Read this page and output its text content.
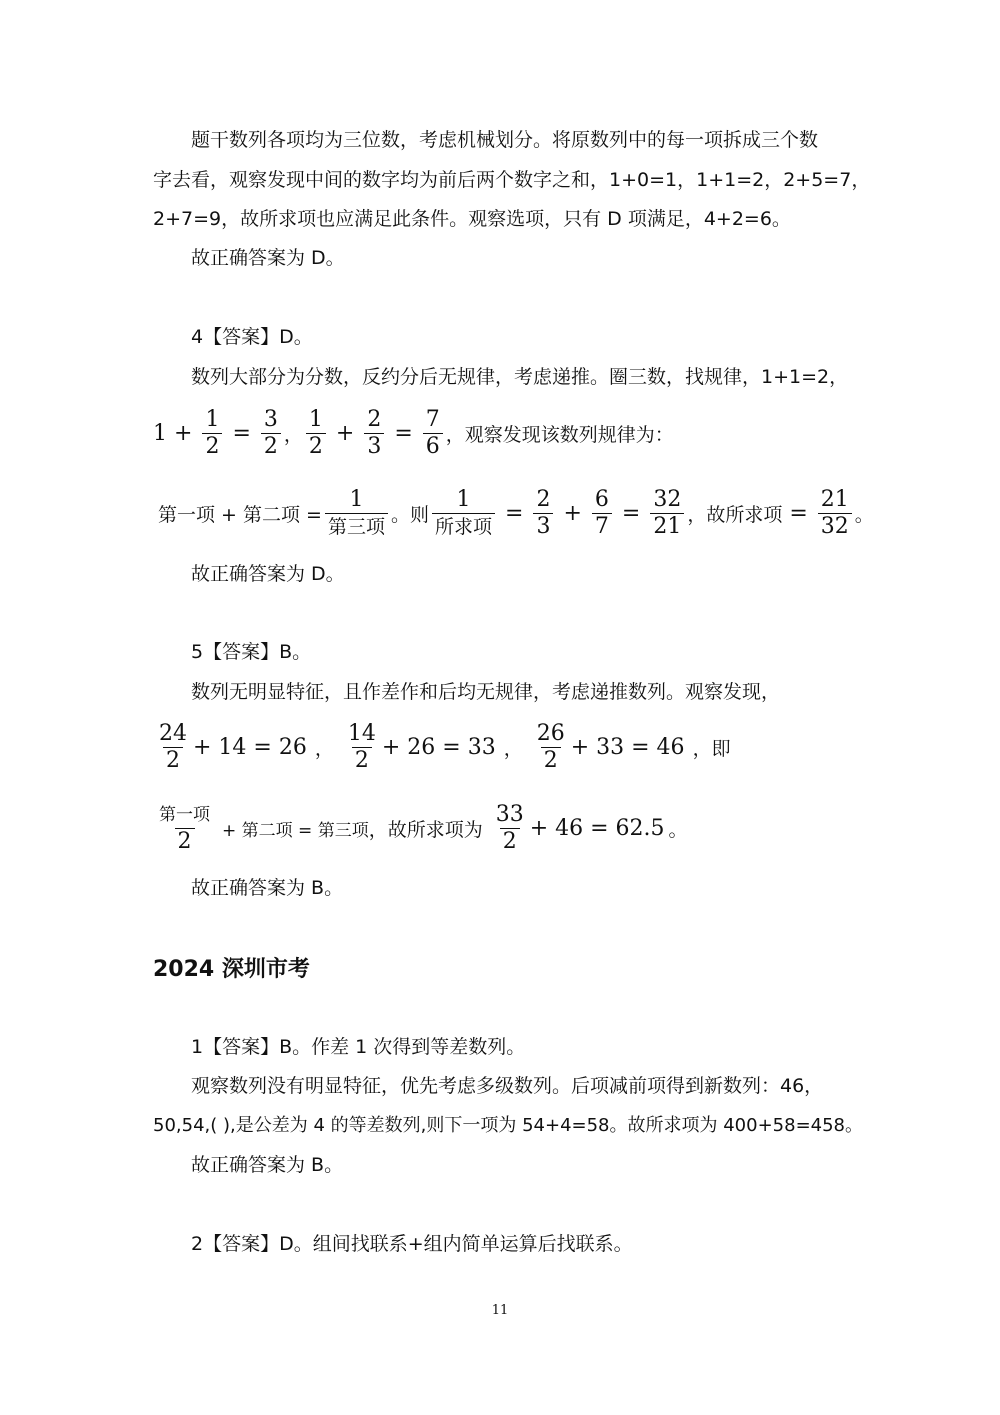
题干数列各项均为三位数，考虑机械划分。将原数列中的每一项拆成三个数
字去看，观察发现中间的数字均为前后两个数字之和，1+0=1，1+1=2，2+5=7，
2+7=9，故所求项也应满足此条件。观察选项，只有 D 项满足，4+2=6。
故正确答案为 D。
4【答案】D。
数列大部分为分数，反约分后无规律，考虑递推。圈三数，找规律，1+1=2，
$1 + \frac{1}{2} = \frac{3}{2}$ ， $\frac{1}{2} + \frac{2}{3} = \frac{7}{6}$ ，观察发现该数列规律为：
第一项 + 第二项 = $\frac{1}{\text{第三项}}$ 。则 $\frac{1}{\text{所求项}} = \frac{2}{3} + \frac{6}{7} = \frac{32}{21}$ ，故所求项 = $\frac{21}{32}$ 。
故正确答案为 D。
5【答案】B。
数列无明显特征，且作差作和后均无规律，考虑递推数列。观察发现，
$\frac{24}{2} + 14 = 26$ ， $\frac{14}{2} + 26 = 33$ ， $\frac{26}{2} + 33 = 46$ ，即
$\frac{\text{第一项}}{2}$ + 第二项 = 第三项 ，故所求项为 $\frac{33}{2} + 46 = 62.5$ 。
故正确答案为 B。
2024 深圳市考
1【答案】B。作差 1 次得到等差数列。
观察数列没有明显特征，优先考虑多级数列。后项减前项得到新数列：46，
50,54,( ),是公差为 4 的等差数列,则下一项为 54+4=58。故所求项为 400+58=458。
故正确答案为 B。
2【答案】D。组间找联系+组内简单运算后找联系。
11
